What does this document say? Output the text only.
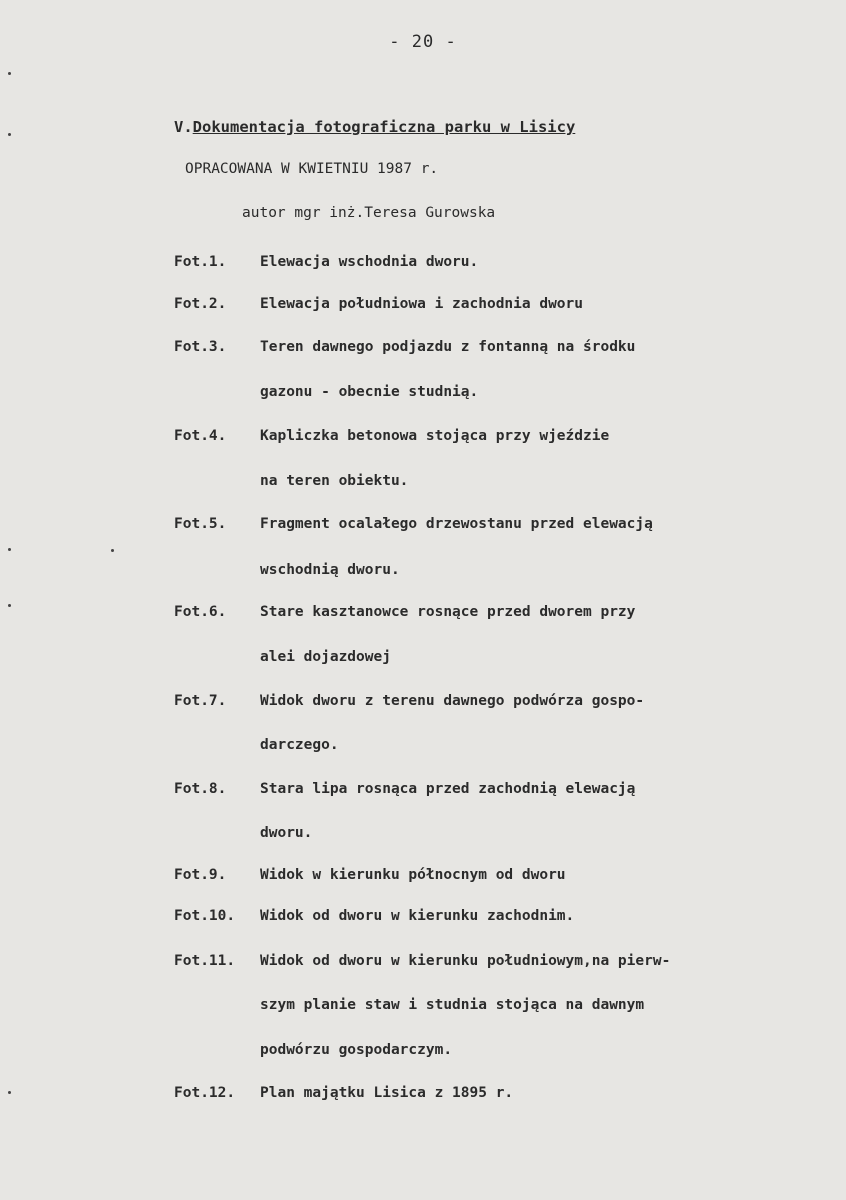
- 20 -
V.Dokumentacja fotograficzna parku w Lisicy
OPRACOWANA W KWIETNIU 1987 r.
autor mgr inż.Teresa Gurowska
Fot.1. Elewacja wschodnia dworu.
Fot.2. Elewacja południowa i zachodnia dworu
Fot.3. Teren dawnego podjazdu z fontanną na środku
gazonu - obecnie studnią.
Fot.4. Kapliczka betonowa stojąca przy wjeździe
na teren obiektu.
Fot.5. Fragment ocalałego drzewostanu przed elewacją
wschodnią dworu.
Fot.6. Stare kasztanowce rosnące przed dworem przy
alei dojazdowej
Fot.7. Widok dworu z terenu dawnego podwórza gospo-
darczego.
Fot.8. Stara lipa rosnąca przed zachodnią elewacją
dworu.
Fot.9. Widok w kierunku północnym od dworu
Fot.10. Widok od dworu w kierunku zachodnim.
Fot.11. Widok od dworu w kierunku południowym,na pierw-
szym planie staw i studnia stojąca na dawnym
podwórzu gospodarczym.
Fot.12. Plan majątku Lisica z 1895 r.
